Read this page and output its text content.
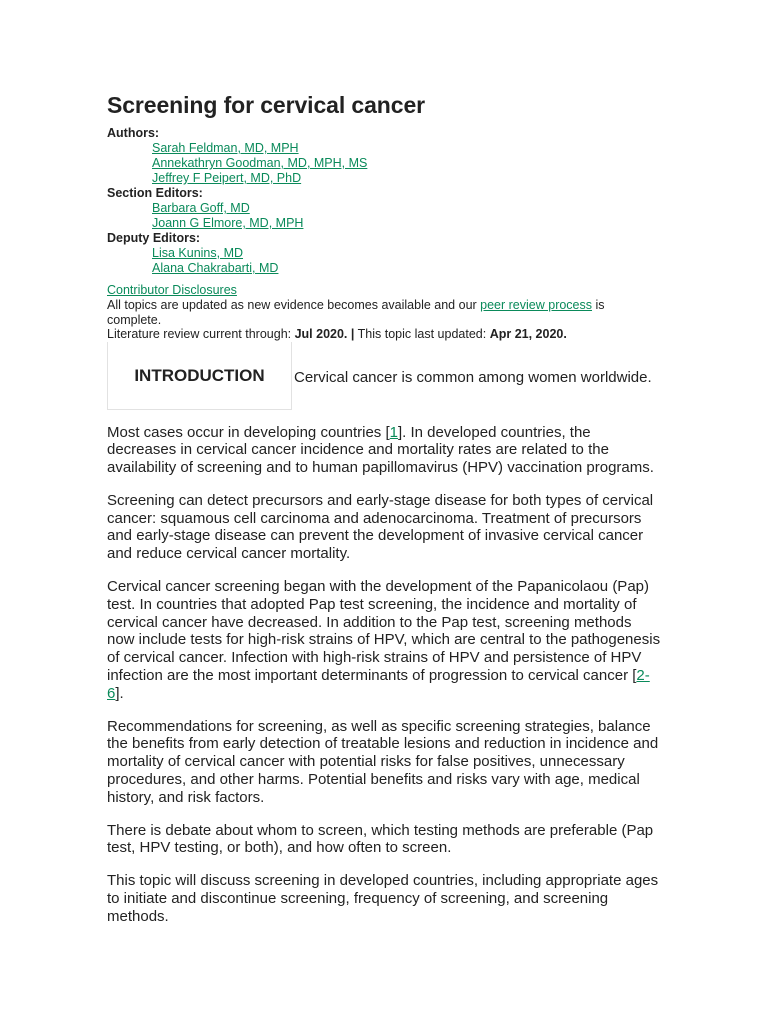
Screening for cervical cancer
Authors:
Sarah Feldman, MD, MPH
Annekathryn Goodman, MD, MPH, MS
Jeffrey F Peipert, MD, PhD
Section Editors:
Barbara Goff, MD
Joann G Elmore, MD, MPH
Deputy Editors:
Lisa Kunins, MD
Alana Chakrabarti, MD
Contributor Disclosures
All topics are updated as new evidence becomes available and our peer review process is complete.
Literature review current through: Jul 2020. | This topic last updated: Apr 21, 2020.
INTRODUCTION	Cervical cancer is common among women worldwide.

Most cases occur in developing countries [1]. In developed countries, the decreases in cervical cancer incidence and mortality rates are related to the availability of screening and to human papillomavirus (HPV) vaccination programs.

Screening can detect precursors and early-stage disease for both types of cervical cancer: squamous cell carcinoma and adenocarcinoma. Treatment of precursors and early-stage disease can prevent the development of invasive cervical cancer and reduce cervical cancer mortality.

Cervical cancer screening began with the development of the Papanicolaou (Pap) test. In countries that adopted Pap test screening, the incidence and mortality of cervical cancer have decreased. In addition to the Pap test, screening methods now include tests for high-risk strains of HPV, which are central to the pathogenesis of cervical cancer. Infection with high-risk strains of HPV and persistence of HPV infection are the most important determinants of progression to cervical cancer [2-6].

Recommendations for screening, as well as specific screening strategies, balance the benefits from early detection of treatable lesions and reduction in incidence and mortality of cervical cancer with potential risks for false positives, unnecessary procedures, and other harms. Potential benefits and risks vary with age, medical history, and risk factors.

There is debate about whom to screen, which testing methods are preferable (Pap test, HPV testing, or both), and how often to screen.

This topic will discuss screening in developed countries, including appropriate ages to initiate and discontinue screening, frequency of screening, and screening methods.
